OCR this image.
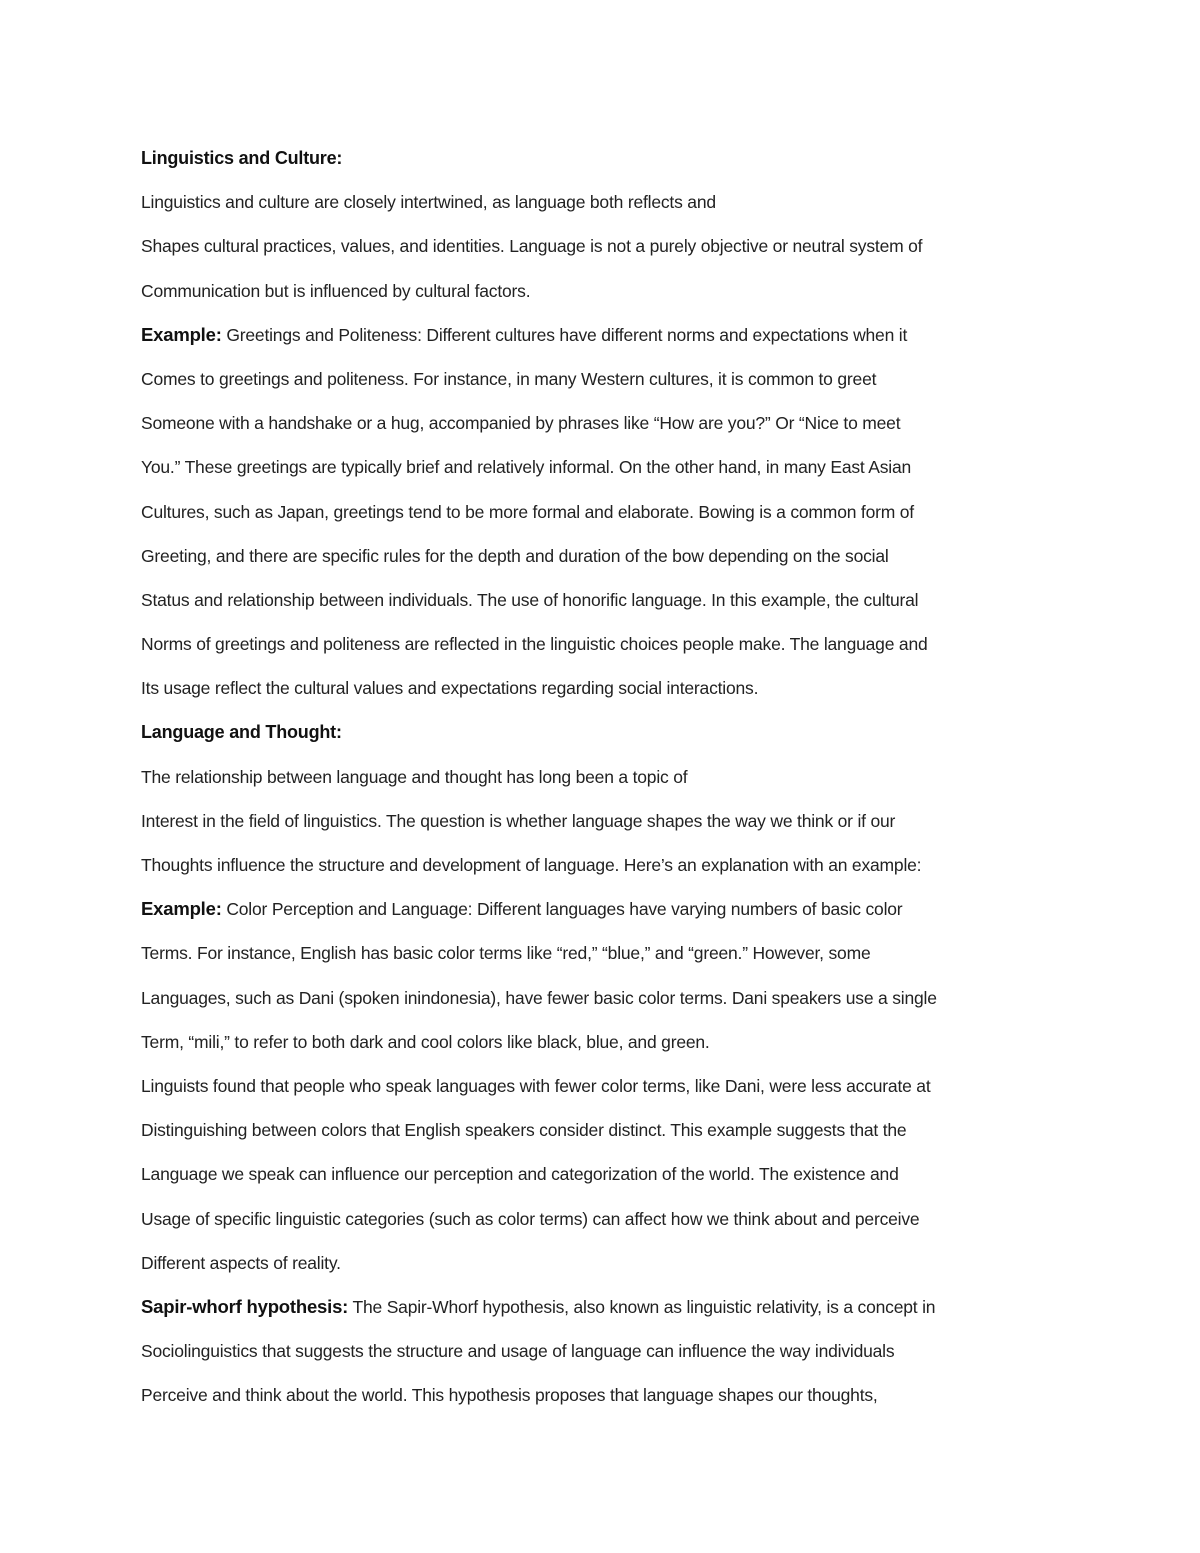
Linguistics and Culture:
Linguistics and culture are closely intertwined, as language both reflects and
Shapes cultural practices, values, and identities. Language is not a purely objective or neutral system of
Communication but is influenced by cultural factors.
Example: Greetings and Politeness: Different cultures have different norms and expectations when it
Comes to greetings and politeness. For instance, in many Western cultures, it is common to greet
Someone with a handshake or a hug, accompanied by phrases like “How are you?” Or “Nice to meet
You.” These greetings are typically brief and relatively informal. On the other hand, in many East Asian
Cultures, such as Japan, greetings tend to be more formal and elaborate. Bowing is a common form of
Greeting, and there are specific rules for the depth and duration of the bow depending on the social
Status and relationship between individuals. The use of honorific language. In this example, the cultural
Norms of greetings and politeness are reflected in the linguistic choices people make. The language and
Its usage reflect the cultural values and expectations regarding social interactions.
Language and Thought:
The relationship between language and thought has long been a topic of
Interest in the field of linguistics. The question is whether language shapes the way we think or if our
Thoughts influence the structure and development of language. Here’s an explanation with an example:
Example: Color Perception and Language: Different languages have varying numbers of basic color
Terms. For instance, English has basic color terms like “red,” “blue,” and “green.” However, some
Languages, such as Dani (spoken inindonesia), have fewer basic color terms. Dani speakers use a single
Term, “mili,” to refer to both dark and cool colors like black, blue, and green.
Linguists found that people who speak languages with fewer color terms, like Dani, were less accurate at
Distinguishing between colors that English speakers consider distinct. This example suggests that the
Language we speak can influence our perception and categorization of the world. The existence and
Usage of specific linguistic categories (such as color terms) can affect how we think about and perceive
Different aspects of reality.
Sapir-whorf hypothesis: The Sapir-Whorf hypothesis, also known as linguistic relativity, is a concept in
Sociolinguistics that suggests the structure and usage of language can influence the way individuals
Perceive and think about the world. This hypothesis proposes that language shapes our thoughts,
